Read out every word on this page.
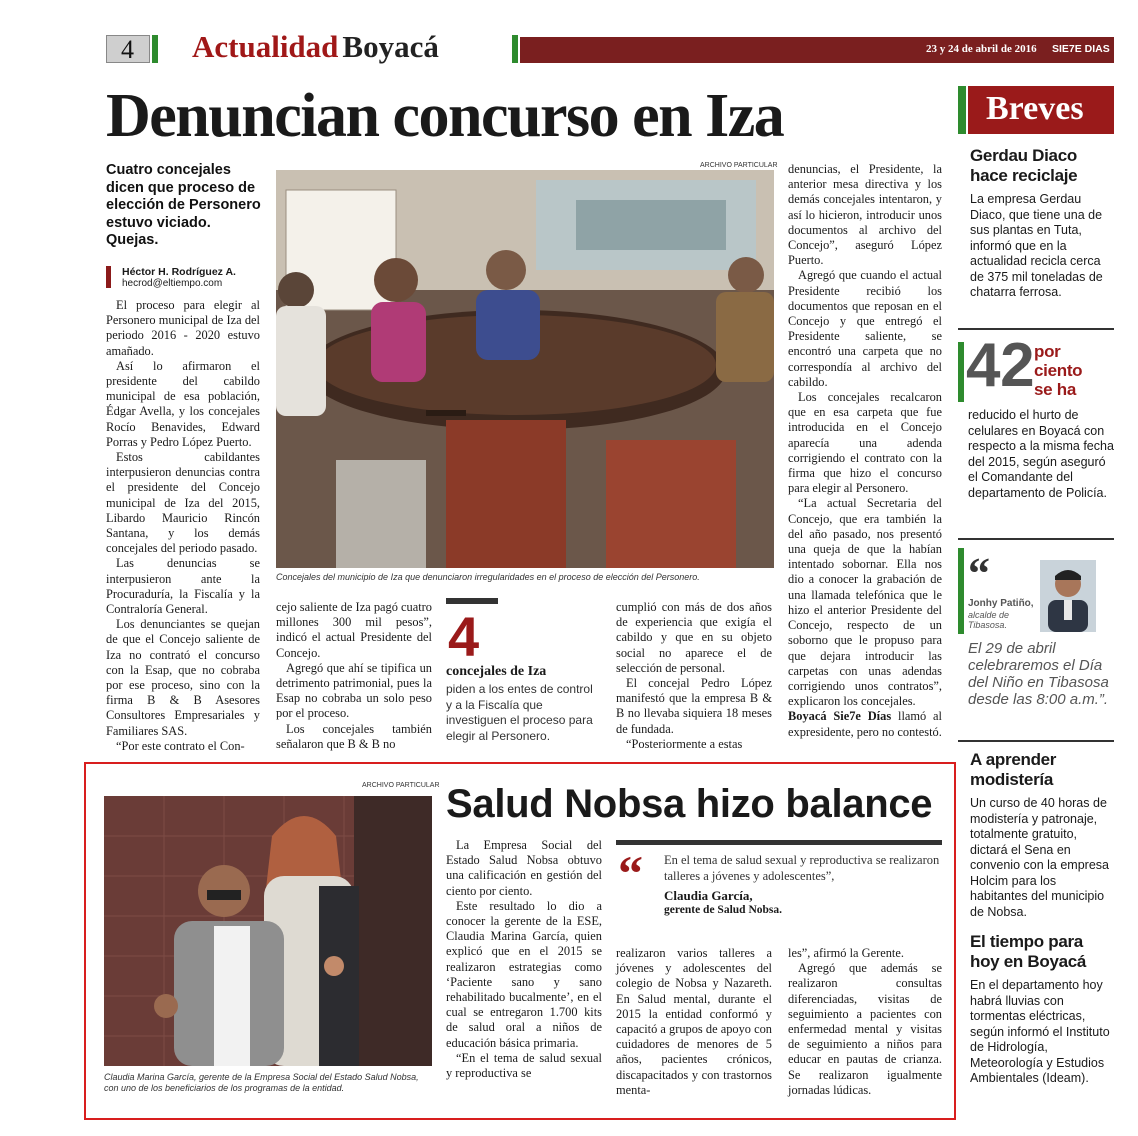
4 Actualidad Boyacá	23 y 24 de abril de 2016 SIE7E DIAS
Denuncian concurso en Iza
Cuatro concejales dicen que proceso de elección de Personero estuvo viciado. Quejas.
Héctor H. Rodríguez A.
hecrod@eltiempo.com

El proceso para elegir al Personero municipal de Iza del periodo 2016 - 2020 estuvo amañado.

Así lo afirmaron el presidente del cabildo municipal de esa población, Édgar Avella, y los concejales Rocío Benavides, Edward Porras y Pedro López Puerto.

Estos cabildantes interpusieron denuncias contra el presidente del Concejo municipal de Iza del 2015, Libardo Mauricio Rincón Santana, y los demás concejales del periodo pasado.

Las denuncias se interpusieron ante la Procuraduría, la Fiscalía y la Contraloría General.

Los denunciantes se quejan de que el Concejo saliente de Iza no contrató el concurso con la Esap, que no cobraba por ese proceso, sino con la firma B & B Asesores Consultores Empresariales y Familiares SAS.

“Por este contrato el Con-

ARCHIVO PARTICULAR
Concejales del municipio de Iza que denunciaron irregularidades en el proceso de elección del Personero.

cejo saliente de Iza pagó cuatro millones 300 mil pesos”, indicó el actual Presidente del Concejo.

Agregó que ahí se tipifica un detrimento patrimonial, pues la Esap no cobraba un solo peso por el proceso.

Los concejales también señalaron que B & B no

4
concejales de Iza
piden a los entes de control y a la Fiscalía que investiguen el proceso para elegir al Personero.

cumplió con más de dos años de experiencia que exigía el cabildo y que en su objeto social no aparece el de selección de personal.

El concejal Pedro López manifestó que la empresa B & B no llevaba siquiera 18 meses de fundada.

“Posteriormente a estas

denuncias, el Presidente, la anterior mesa directiva y los demás concejales intentaron, y así lo hicieron, introducir unos documentos al archivo del Concejo”, aseguró López Puerto.

Agregó que cuando el actual Presidente recibió los documentos que reposan en el Concejo y que entregó el Presidente saliente, se encontró una carpeta que no correspondía al archivo del cabildo.

Los concejales recalcaron que en esa carpeta que fue introducida en el Concejo aparecía una adenda corrigiendo el contrato con la firma que hizo el concurso para elegir al Personero.

“La actual Secretaria del Concejo, que era también la del año pasado, nos presentó una queja de que la habían intentado sobornar. Ella nos dio a conocer la grabación de una llamada telefónica que le hizo el anterior Presidente del Concejo, respecto de un soborno que le propuso para que dejara introducir las carpetas con unas adendas corrigiendo unos contratos”, explicaron los concejales.

Boyacá Sie7e Días llamó al expresidente, pero no contestó.

ARCHIVO PARTICULAR
Claudia Marina García, gerente de la Empresa Social del Estado Salud Nobsa, con uno de los beneficiarios de los programas de la entidad.
Salud Nobsa hizo balance

La Empresa Social del Estado Salud Nobsa obtuvo una calificación en gestión del ciento por ciento.

Este resultado lo dio a conocer la gerente de la ESE, Claudia Marina García, quien explicó que en el 2015 se realizaron estrategias como ‘Paciente sano y sano rehabilitado bucalmente’, en el cual se entregaron 1.700 kits de salud oral a niños de educación básica primaria.

“En el tema de salud sexual y reproductiva se

“ En el tema de salud sexual y reproductiva se realizaron talleres a jóvenes y adolescentes”,
Claudia García,
gerente de Salud Nobsa.

realizaron varios talleres a jóvenes y adolescentes del colegio de Nobsa y Nazareth. En Salud mental, durante el 2015 la entidad conformó y capacitó a grupos de apoyo con cuidadores de menores de 5 años, pacientes crónicos, discapacitados y con trastornos menta-

les”, afirmó la Gerente.

Agregó que además se realizaron consultas diferenciadas, visitas de seguimiento a pacientes con enfermedad mental y visitas de seguimiento a niños para educar en pautas de crianza. Se realizaron igualmente jornadas lúdicas.

Breves
Gerdau Diaco hace reciclaje

La empresa Gerdau Diaco, que tiene una de sus plantas en Tuta, informó que en la actualidad recicla cerca de 375 mil toneladas de chatarra ferrosa.

42 por ciento se ha

reducido el hurto de celulares en Boyacá con respecto a la misma fecha del 2015, según aseguró el Comandante del departamento de Policía.

“
Jonhy Patiño,
alcalde de Tibasosa.
El 29 de abril celebraremos el Día del Niño en Tibasosa desde las 8:00 a.m.”.
A aprender modistería

Un curso de 40 horas de modistería y patronaje, totalmente gratuito, dictará el Sena en convenio con la empresa Holcim para los habitantes del municipio de Nobsa.

El tiempo para hoy en Boyacá

En el departamento hoy habrá lluvias con tormentas eléctricas, según informó el Instituto de Hidrología, Meteorología y Estudios Ambientales (Ideam).
